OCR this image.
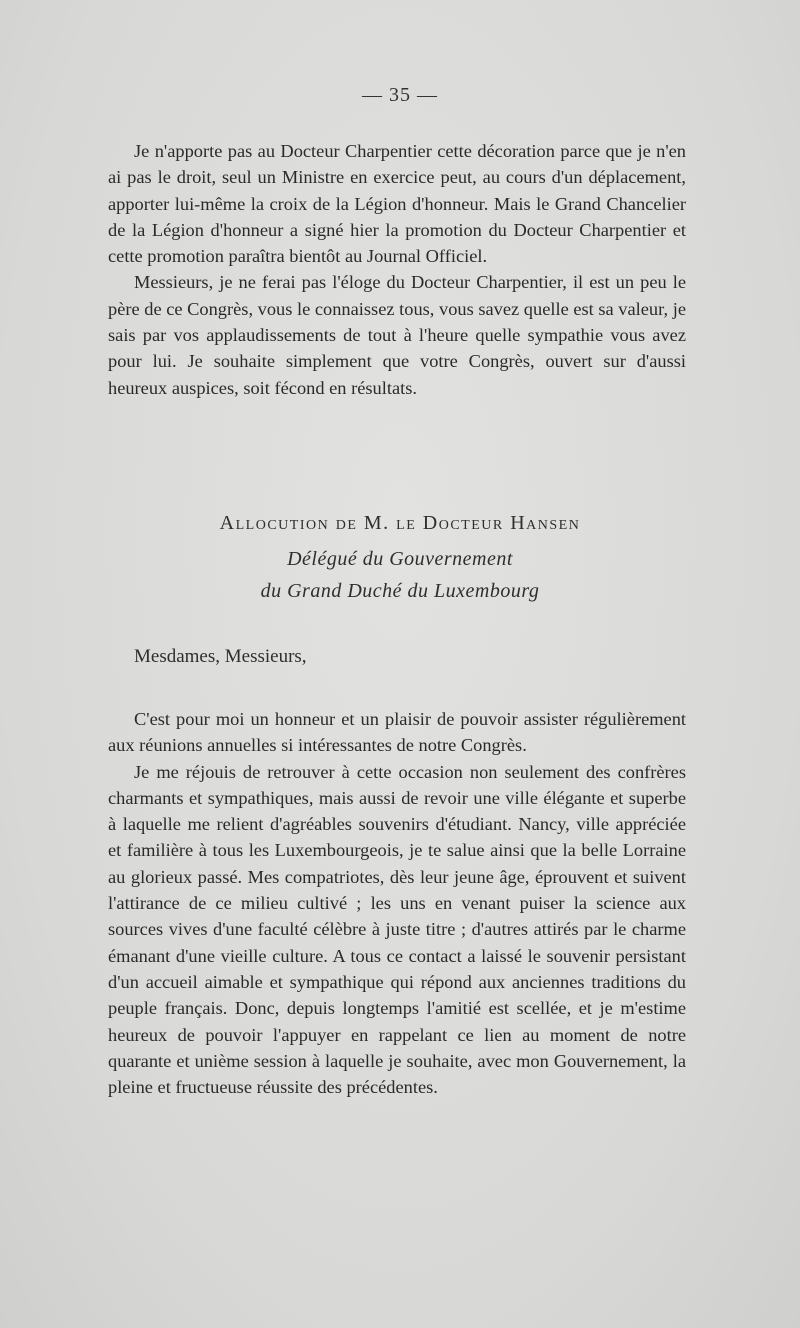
— 35 —

Je n'apporte pas au Docteur Charpentier cette décoration parce que je n'en ai pas le droit, seul un Ministre en exercice peut, au cours d'un déplacement, apporter lui-même la croix de la Légion d'honneur. Mais le Grand Chancelier de la Légion d'honneur a signé hier la promotion du Docteur Charpentier et cette promotion paraîtra bientôt au Journal Officiel.

Messieurs, je ne ferai pas l'éloge du Docteur Charpentier, il est un peu le père de ce Congrès, vous le connaissez tous, vous savez quelle est sa valeur, je sais par vos applaudissements de tout à l'heure quelle sympathie vous avez pour lui. Je souhaite simplement que votre Congrès, ouvert sur d'aussi heureux auspices, soit fécond en résultats.

Allocution de M. le Docteur Hansen
Délégué du Gouvernement
du Grand Duché du Luxembourg
Mesdames, Messieurs,

C'est pour moi un honneur et un plaisir de pouvoir assister régulièrement aux réunions annuelles si intéressantes de notre Congrès.

Je me réjouis de retrouver à cette occasion non seulement des confrères charmants et sympathiques, mais aussi de revoir une ville élégante et superbe à laquelle me relient d'agréables souvenirs d'étudiant. Nancy, ville appréciée et familière à tous les Luxembourgeois, je te salue ainsi que la belle Lorraine au glorieux passé. Mes compatriotes, dès leur jeune âge, éprouvent et suivent l'attirance de ce milieu cultivé ; les uns en venant puiser la science aux sources vives d'une faculté célèbre à juste titre ; d'autres attirés par le charme émanant d'une vieille culture. A tous ce contact a laissé le souvenir persistant d'un accueil aimable et sympathique qui répond aux anciennes traditions du peuple français. Donc, depuis longtemps l'amitié est scellée, et je m'estime heureux de pouvoir l'appuyer en rappelant ce lien au moment de notre quarante et unième session à laquelle je souhaite, avec mon Gouvernement, la pleine et fructueuse réussite des précédentes.
